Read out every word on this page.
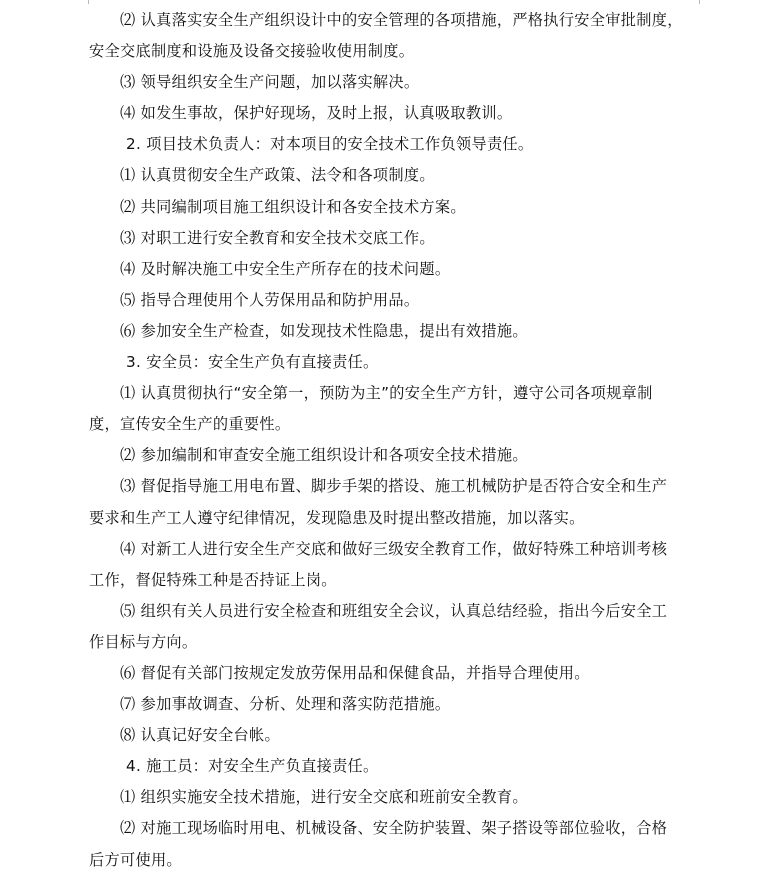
⑵ 认真落实安全生产组织设计中的安全管理的各项措施，严格执行安全审批制度，
安全交底制度和设施及设备交接验收使用制度。
⑶ 领导组织安全生产问题，加以落实解决。
⑷ 如发生事故，保护好现场，及时上报，认真吸取教训。
2. 项目技术负责人：对本项目的安全技术工作负领导责任。
⑴ 认真贯彻安全生产政策、法令和各项制度。
⑵ 共同编制项目施工组织设计和各安全技术方案。
⑶ 对职工进行安全教育和安全技术交底工作。
⑷ 及时解决施工中安全生产所存在的技术问题。
⑸ 指导合理使用个人劳保用品和防护用品。
⑹ 参加安全生产检查，如发现技术性隐患，提出有效措施。
3. 安全员：安全生产负有直接责任。
⑴ 认真贯彻执行“安全第一，预防为主”的安全生产方针，遵守公司各项规章制
度，宣传安全生产的重要性。
⑵ 参加编制和审查安全施工组织设计和各项安全技术措施。
⑶ 督促指导施工用电布置、脚步手架的搭设、施工机械防护是否符合安全和生产
要求和生产工人遵守纪律情况，发现隐患及时提出整改措施，加以落实。
⑷ 对新工人进行安全生产交底和做好三级安全教育工作，做好特殊工种培训考核
工作，督促特殊工种是否持证上岗。
⑸ 组织有关人员进行安全检查和班组安全会议，认真总结经验，指出今后安全工
作目标与方向。
⑹ 督促有关部门按规定发放劳保用品和保健食品，并指导合理使用。
⑺ 参加事故调查、分析、处理和落实防范措施。
⑻ 认真记好安全台帐。
4. 施工员：对安全生产负直接责任。
⑴ 组织实施安全技术措施，进行安全交底和班前安全教育。
⑵ 对施工现场临时用电、机械设备、安全防护装置、架子搭设等部位验收，合格
后方可使用。
